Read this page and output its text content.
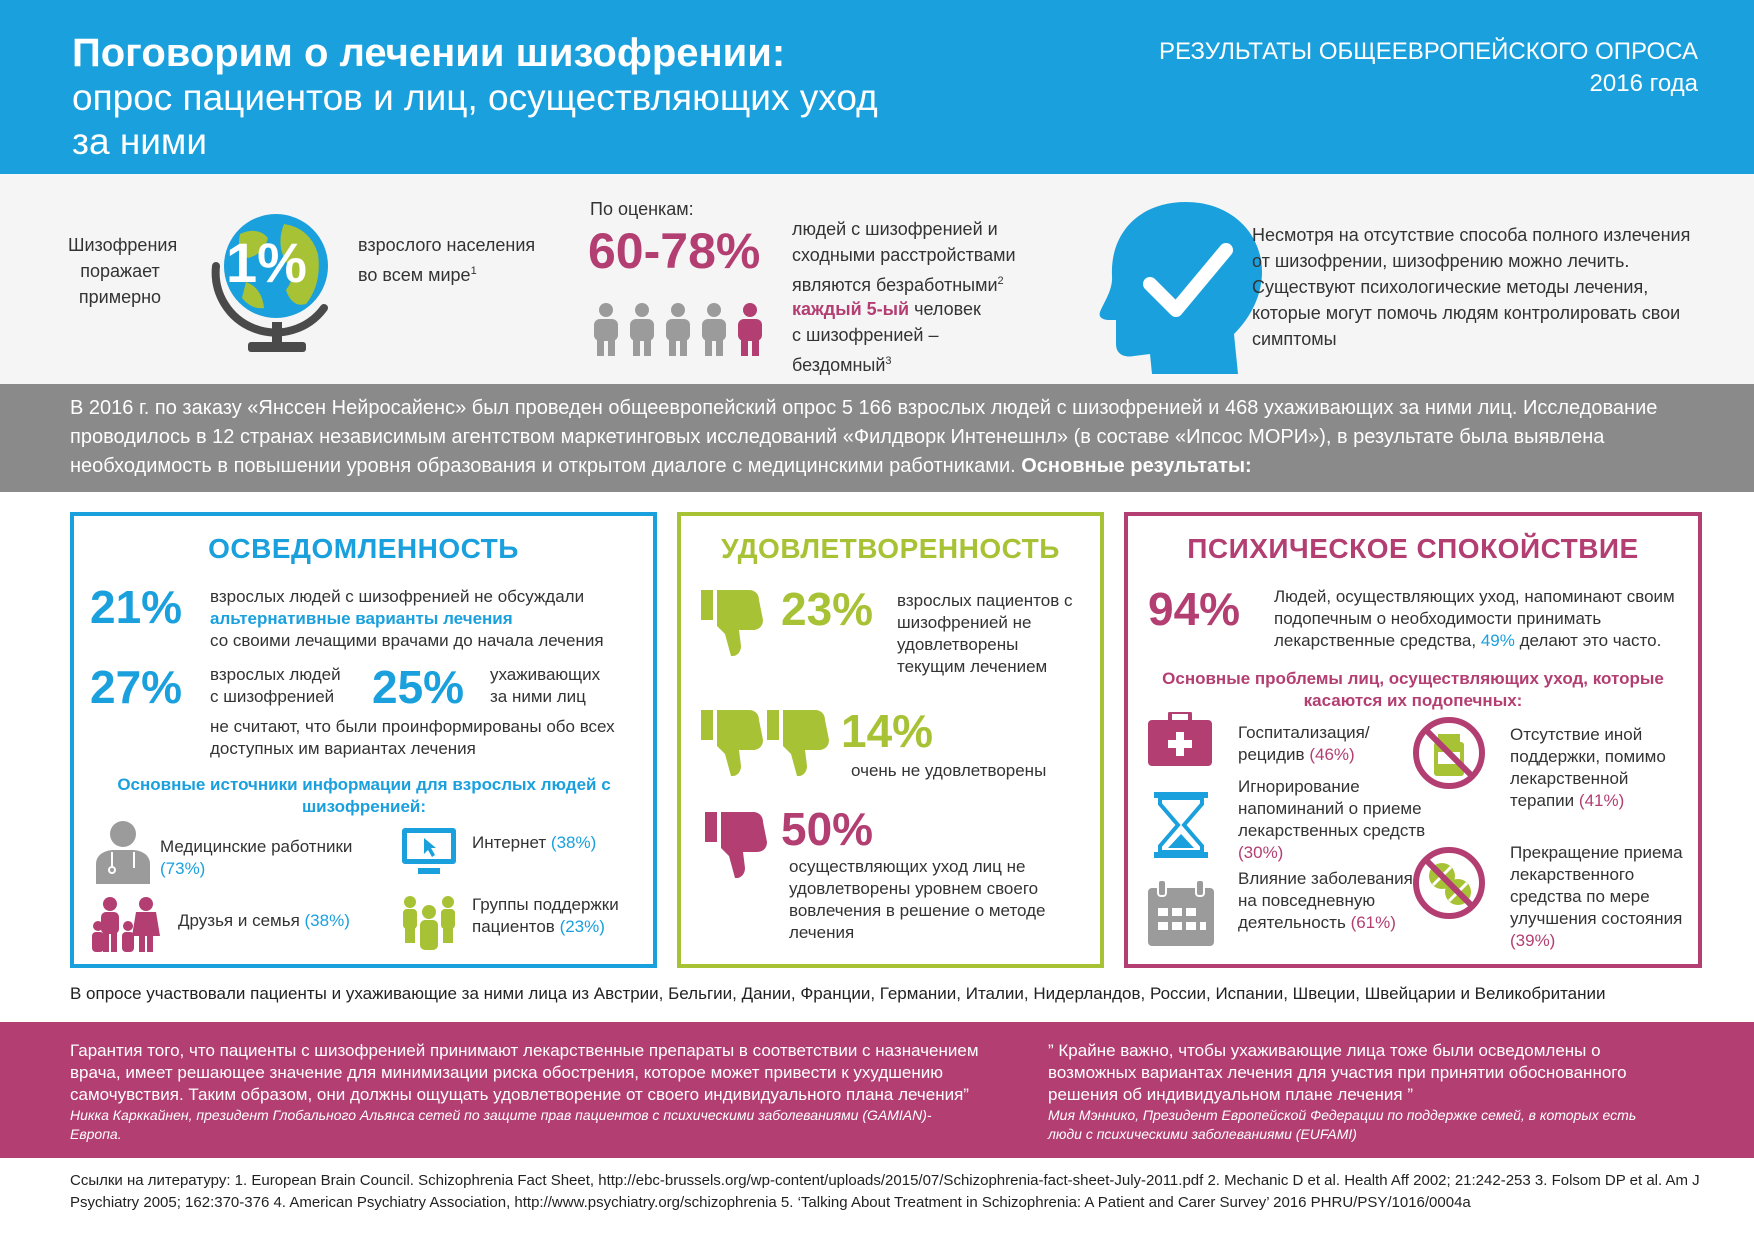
Поговорим о лечении шизофрении:
опрос пациентов и лиц, осуществляющих уход за ними
РЕЗУЛЬТАТЫ ОБЩЕЕВРОПЕЙСКОГО ОПРОСА
2016 года
Шизофрения поражает примерно
1%	взрослого населения во всем мире$^1$
По оценкам:
60-78% людей с шизофренией и сходными расстройствами являются безработными$^2$
каждый 5-ый человек
с шизофренией –
бездомный$^3$
Несмотря на отсутствие способа полного излечения от шизофрении, шизофрению можно лечить. Существуют психологические методы лечения, которые могут помочь людям контролировать свои симптомы

В 2016 г. по заказу «Янссен Нейросайенс» был проведен общеевропейский опрос 5 166 взрослых людей с шизофренией и 468 ухаживающих за ними лиц. Исследование проводилось в 12 странах независимым агентством маркетинговых исследований «Филдворк Интенешнл» (в составе «Ипсос МОРИ»), в результате была выявлена необходимость в повышении уровня образования и открытом диалоге с медицинскими работниками. Основные результаты:

ОСВЕДОМЛЕННОСТЬ
21% взрослых людей с шизофренией не обсуждали
альтернативные варианты лечения
со своими лечащими врачами до начала лечения
27% взрослых людей с шизофренией 25% ухаживающих за ними лиц
не считают, что были проинформированы обо всех доступных им вариантах лечения
Основные источники информации для взрослых людей с шизофренией:
Медицинские работники
(73%)
Интернет (38%)
Друзья и семья (38%)
Группы поддержки пациентов (23%)
УДОВЛЕТВОРЕННОСТЬ
23% взрослых пациентов с шизофренией не удовлетворены текущим лечением
14%
очень не удовлетворены
50%
осуществляющих уход лиц не удовлетворены уровнем своего вовлечения в решение о методе лечения
ПСИХИЧЕСКОЕ СПОКОЙСТВИЕ
94% Людей, осуществляющих уход, напоминают своим подопечным о необходимости принимать лекарственные средства, 49% делают это часто.
Основные проблемы лиц, осуществляющих уход, которые касаются их подопечных:
Госпитализация/ рецидив (46%)
Игнорирование напоминаний о приеме лекарственных средств (30%)
Влияние заболевания на повседневную деятельность (61%)
Отсутствие иной поддержки, помимо лекарственной терапии (41%)
Прекращение приема лекарственного средства по мере улучшения состояния (39%)
В опросе участвовали пациенты и ухаживающие за ними лица из Австрии, Бельгии, Дании, Франции, Германии, Италии, Нидерландов, России, Испании, Швеции, Швейцарии и Великобритании
Гарантия того, что пациенты с шизофренией принимают лекарственные препараты в соответствии с назначением врача, имеет решающее значение для минимизации риска обострения, которое может привести к ухудшению самочувствия. Таким образом, они должны ощущать удовлетворение от своего индивидуального плана лечения”
Никка Карккайнен, президент Глобального Альянса сетей по защите прав пациентов с психическими заболеваниями (GAMIAN)-Европа.
” Крайне важно, чтобы ухаживающие лица тоже были осведомлены о возможных вариантах лечения для участия при принятии обоснованного решения об индивидуальном плане лечения ”
Мия Мэннико, Президент Европейской Федерации по поддержке семей, в которых есть люди с психическими заболеваниями (EUFAMI)
Ссылки на литературу: 1. European Brain Council. Schizophrenia Fact Sheet, http://ebc-brussels.org/wp-content/uploads/2015/07/Schizophrenia-fact-sheet-July-2011.pdf 2. Mechanic D et al. Health Aff 2002; 21:242-253 3. Folsom DP et al. Am J Psychiatry 2005; 162:370-376 4. American Psychiatry Association, http://www.psychiatry.org/schizophrenia 5. ‘Talking About Treatment in Schizophrenia: A Patient and Carer Survey’ 2016 PHRU/PSY/1016/0004a
